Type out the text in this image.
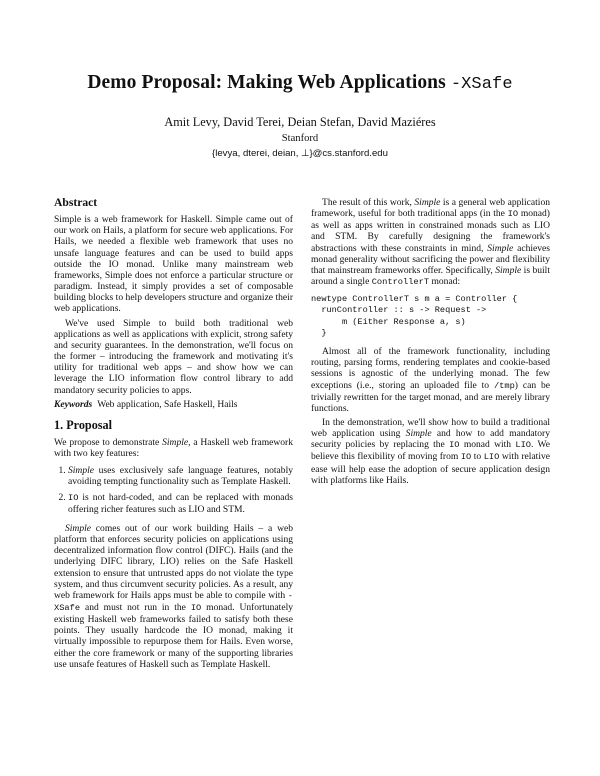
Demo Proposal: Making Web Applications -XSafe
Amit Levy, David Terei, Deian Stefan, David Maziéres
Stanford
{levya, dterei, deian, ⊥}@cs.stanford.edu
Abstract

Simple is a web framework for Haskell. Simple came out of our work on Hails, a platform for secure web applications. For Hails, we needed a flexible web framework that uses no unsafe language features and can be used to build apps outside the IO monad. Unlike many mainstream web frameworks, Simple does not enforce a particular structure or paradigm. Instead, it simply provides a set of composable building blocks to help developers structure and organize their web applications.

We've used Simple to build both traditional web applications as well as applications with explicit, strong safety and security guarantees. In the demonstration, we'll focus on the former – introducing the framework and motivating it's utility for traditional web apps – and show how we can leverage the LIO information flow control library to add mandatory security policies to apps.

Keywords Web application, Safe Haskell, Hails

1. Proposal

We propose to demonstrate Simple, a Haskell web framework with two key features:

1. Simple uses exclusively safe language features, notably avoiding tempting functionality such as Template Haskell.
2. IO is not hard-coded, and can be replaced with monads offering richer features such as LIO and STM.

Simple comes out of our work building Hails – a web platform that enforces security policies on applications using decentralized information flow control (DIFC). Hails (and the underlying DIFC library, LIO) relies on the Safe Haskell extension to ensure that untrusted apps do not violate the type system, and thus circumvent security policies. As a result, any web framework for Hails apps must be able to compile with -XSafe and must not run in the IO monad. Unfortunately existing Haskell web frameworks failed to satisfy both these points. They usually hardcode the IO monad, making it virtually impossible to repurpose them for Hails. Even worse, either the core framework or many of the supporting libraries use unsafe features of Haskell such as Template Haskell.

The result of this work, Simple is a general web application framework, useful for both traditional apps (in the IO monad) as well as apps written in constrained monads such as LIO and STM. By carefully designing the framework's abstractions with these constraints in mind, Simple achieves monad generality without sacrificing the power and flexibility that mainstream frameworks offer. Specifically, Simple is built around a single ControllerT monad:

newtype ControllerT s m a = Controller {
runController :: s -> Request ->
m (Either Response a, s)
}

Almost all of the framework functionality, including routing, parsing forms, rendering templates and cookie-based sessions is agnostic of the underlying monad. The few exceptions (i.e., storing an uploaded file to /tmp) can be trivially rewritten for the target monad, and are merely library functions.

In the demonstration, we'll show how to build a traditional web application using Simple and how to add mandatory security policies by replacing the IO monad with LIO. We believe this flexibility of moving from IO to LIO with relative ease will help ease the adoption of secure application design with platforms like Hails.
